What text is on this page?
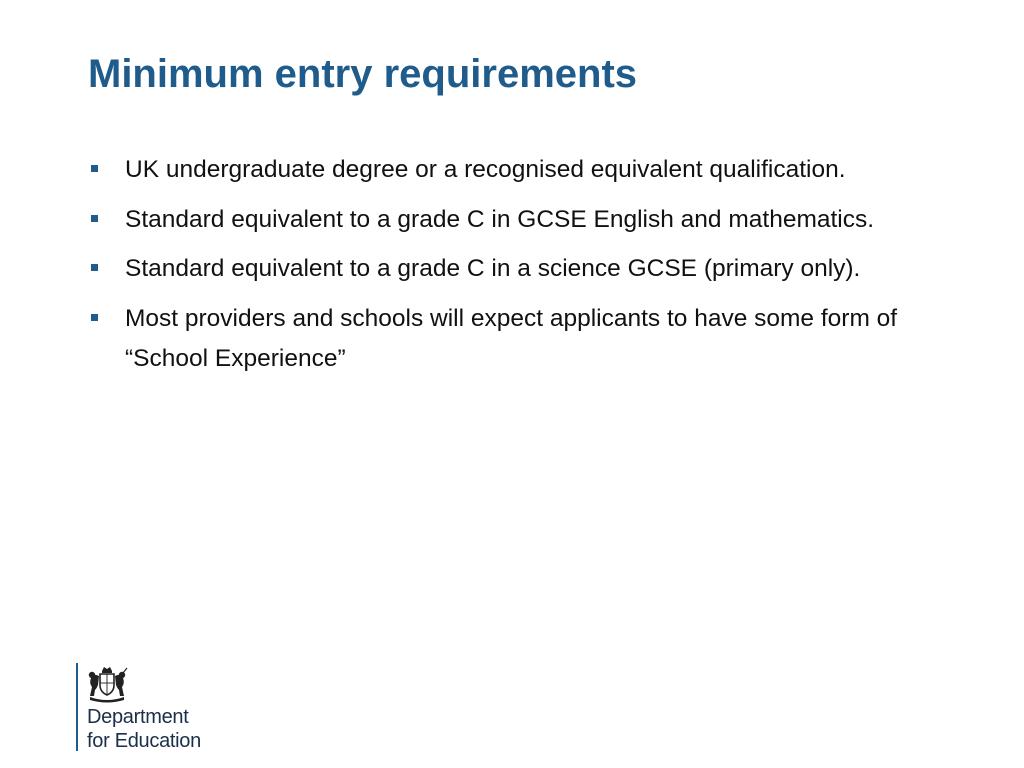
Minimum entry requirements
UK undergraduate degree or a recognised equivalent qualification.
Standard equivalent to a grade C in GCSE English and mathematics.
Standard equivalent to a grade C in a science GCSE (primary only).
Most providers and schools will expect applicants to have some form of “School Experience”
Department
for Education
